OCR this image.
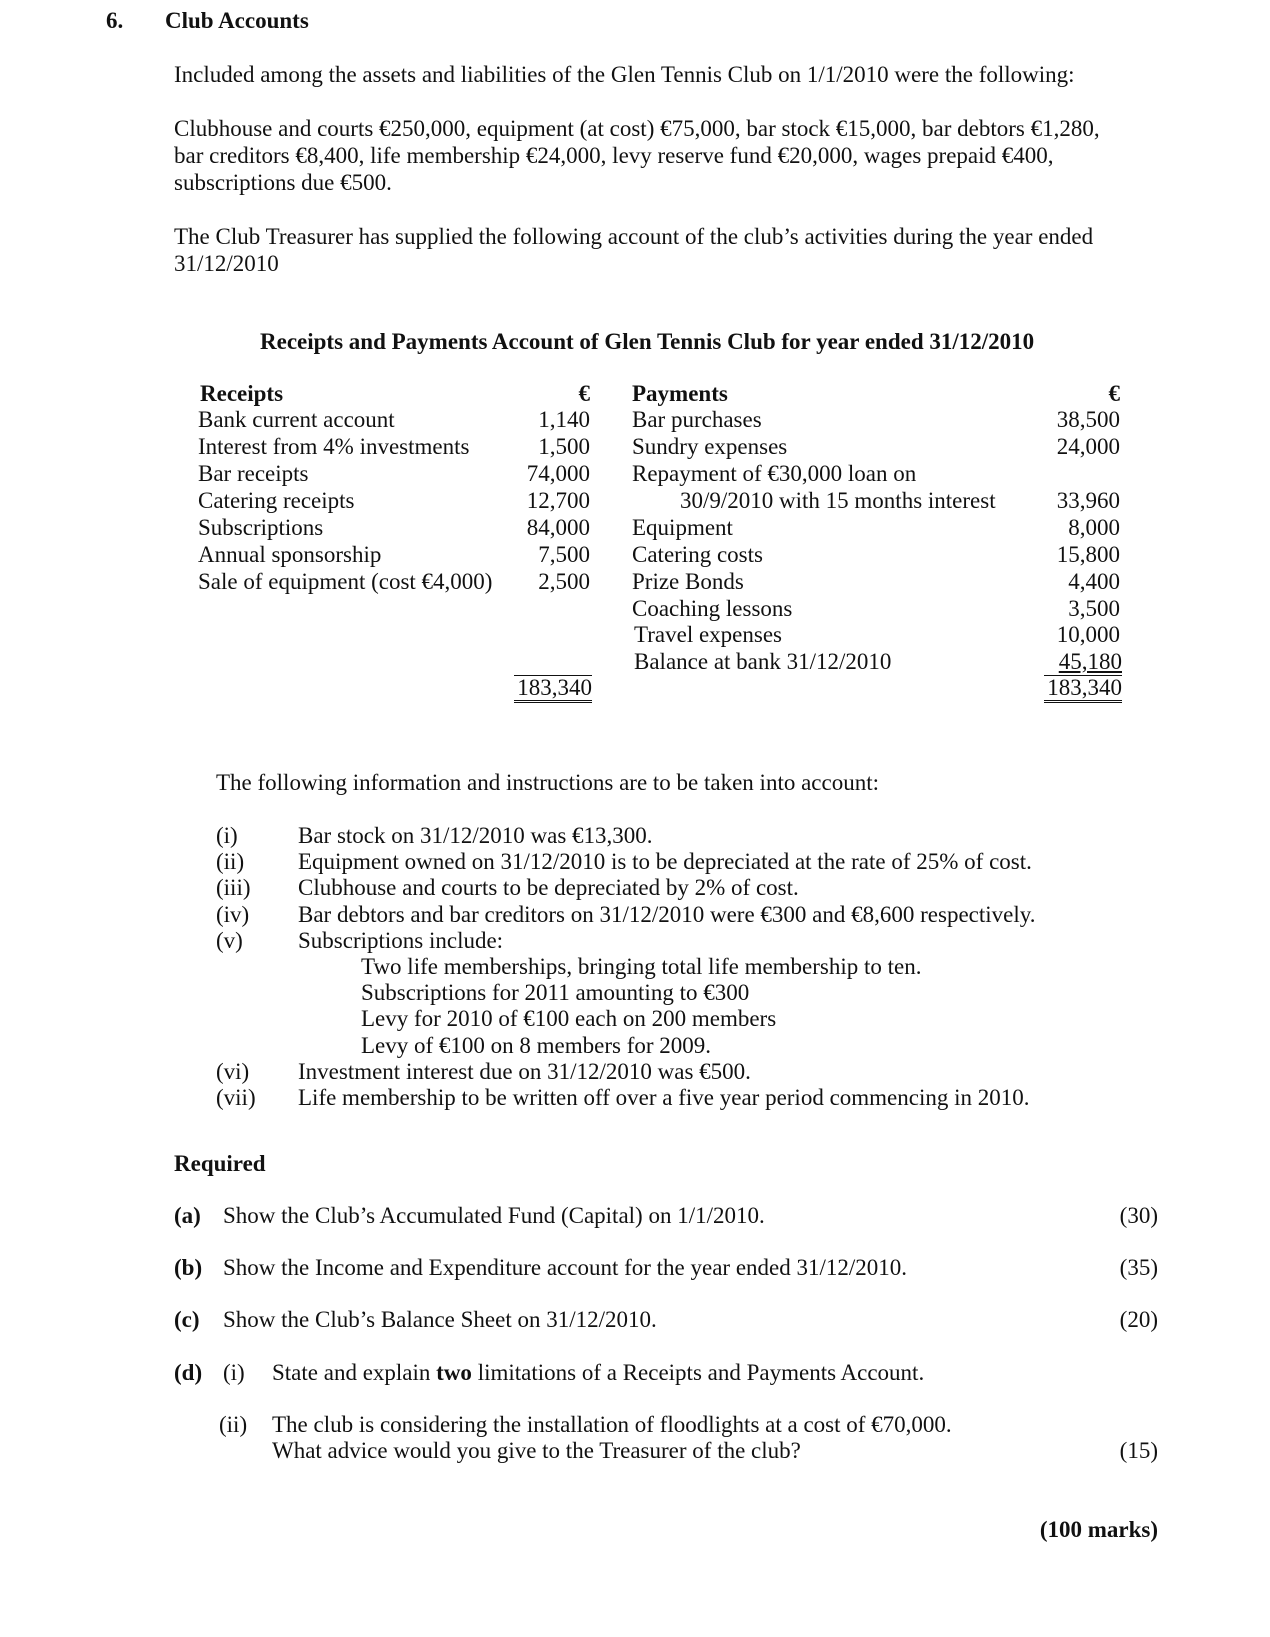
6. Club Accounts
Included among the assets and liabilities of the Glen Tennis Club on 1/1/2010 were the following:
Clubhouse and courts €250,000, equipment (at cost) €75,000, bar stock €15,000, bar debtors €1,280,
bar creditors €8,400, life membership €24,000, levy reserve fund €20,000, wages prepaid €400,
subscriptions due €500.
The Club Treasurer has supplied the following account of the club’s activities during the year ended
31/12/2010
Receipts and Payments Account of Glen Tennis Club for year ended 31/12/2010
Receipts	€
Bank current account	1,140
Interest from 4% investments	1,500
Bar receipts	74,000
Catering receipts	12,700
Subscriptions	84,000
Annual sponsorship	7,500
Sale of equipment (cost €4,000)	2,500
183,340
Payments	€
Bar purchases	38,500
Sundry expenses	24,000
Repayment of €30,000 loan on
30/9/2010 with 15 months interest	33,960
Equipment	8,000
Catering costs	15,800
Prize Bonds	4,400
Coaching lessons	3,500
Travel expenses	10,000
Balance at bank 31/12/2010	45,180
183,340
The following information and instructions are to be taken into account:
(i)	Bar stock on 31/12/2010 was €13,300.
(ii) Equipment owned on 31/12/2010 is to be depreciated at the rate of 25% of cost.
(iii) Clubhouse and courts to be depreciated by 2% of cost.
(iv) Bar debtors and bar creditors on 31/12/2010 were €300 and €8,600 respectively.
(v) Subscriptions include:
Two life memberships, bringing total life membership to ten.
Subscriptions for 2011 amounting to €300
Levy for 2010 of €100 each on 200 members
Levy of €100 on 8 members for 2009.
(vi) Investment interest due on 31/12/2010 was €500.
(vii) Life membership to be written off over a five year period commencing in 2010.
Required
(a) Show the Club’s Accumulated Fund (Capital) on 1/1/2010.	(30)
(b) Show the Income and Expenditure account for the year ended 31/12/2010.	(35)
(c) Show the Club’s Balance Sheet on 31/12/2010.	(20)
(d) (i) State and explain two limitations of a Receipts and Payments Account.
(ii) The club is considering the installation of floodlights at a cost of €70,000.
What advice would you give to the Treasurer of the club?	(15)
(100 marks)
